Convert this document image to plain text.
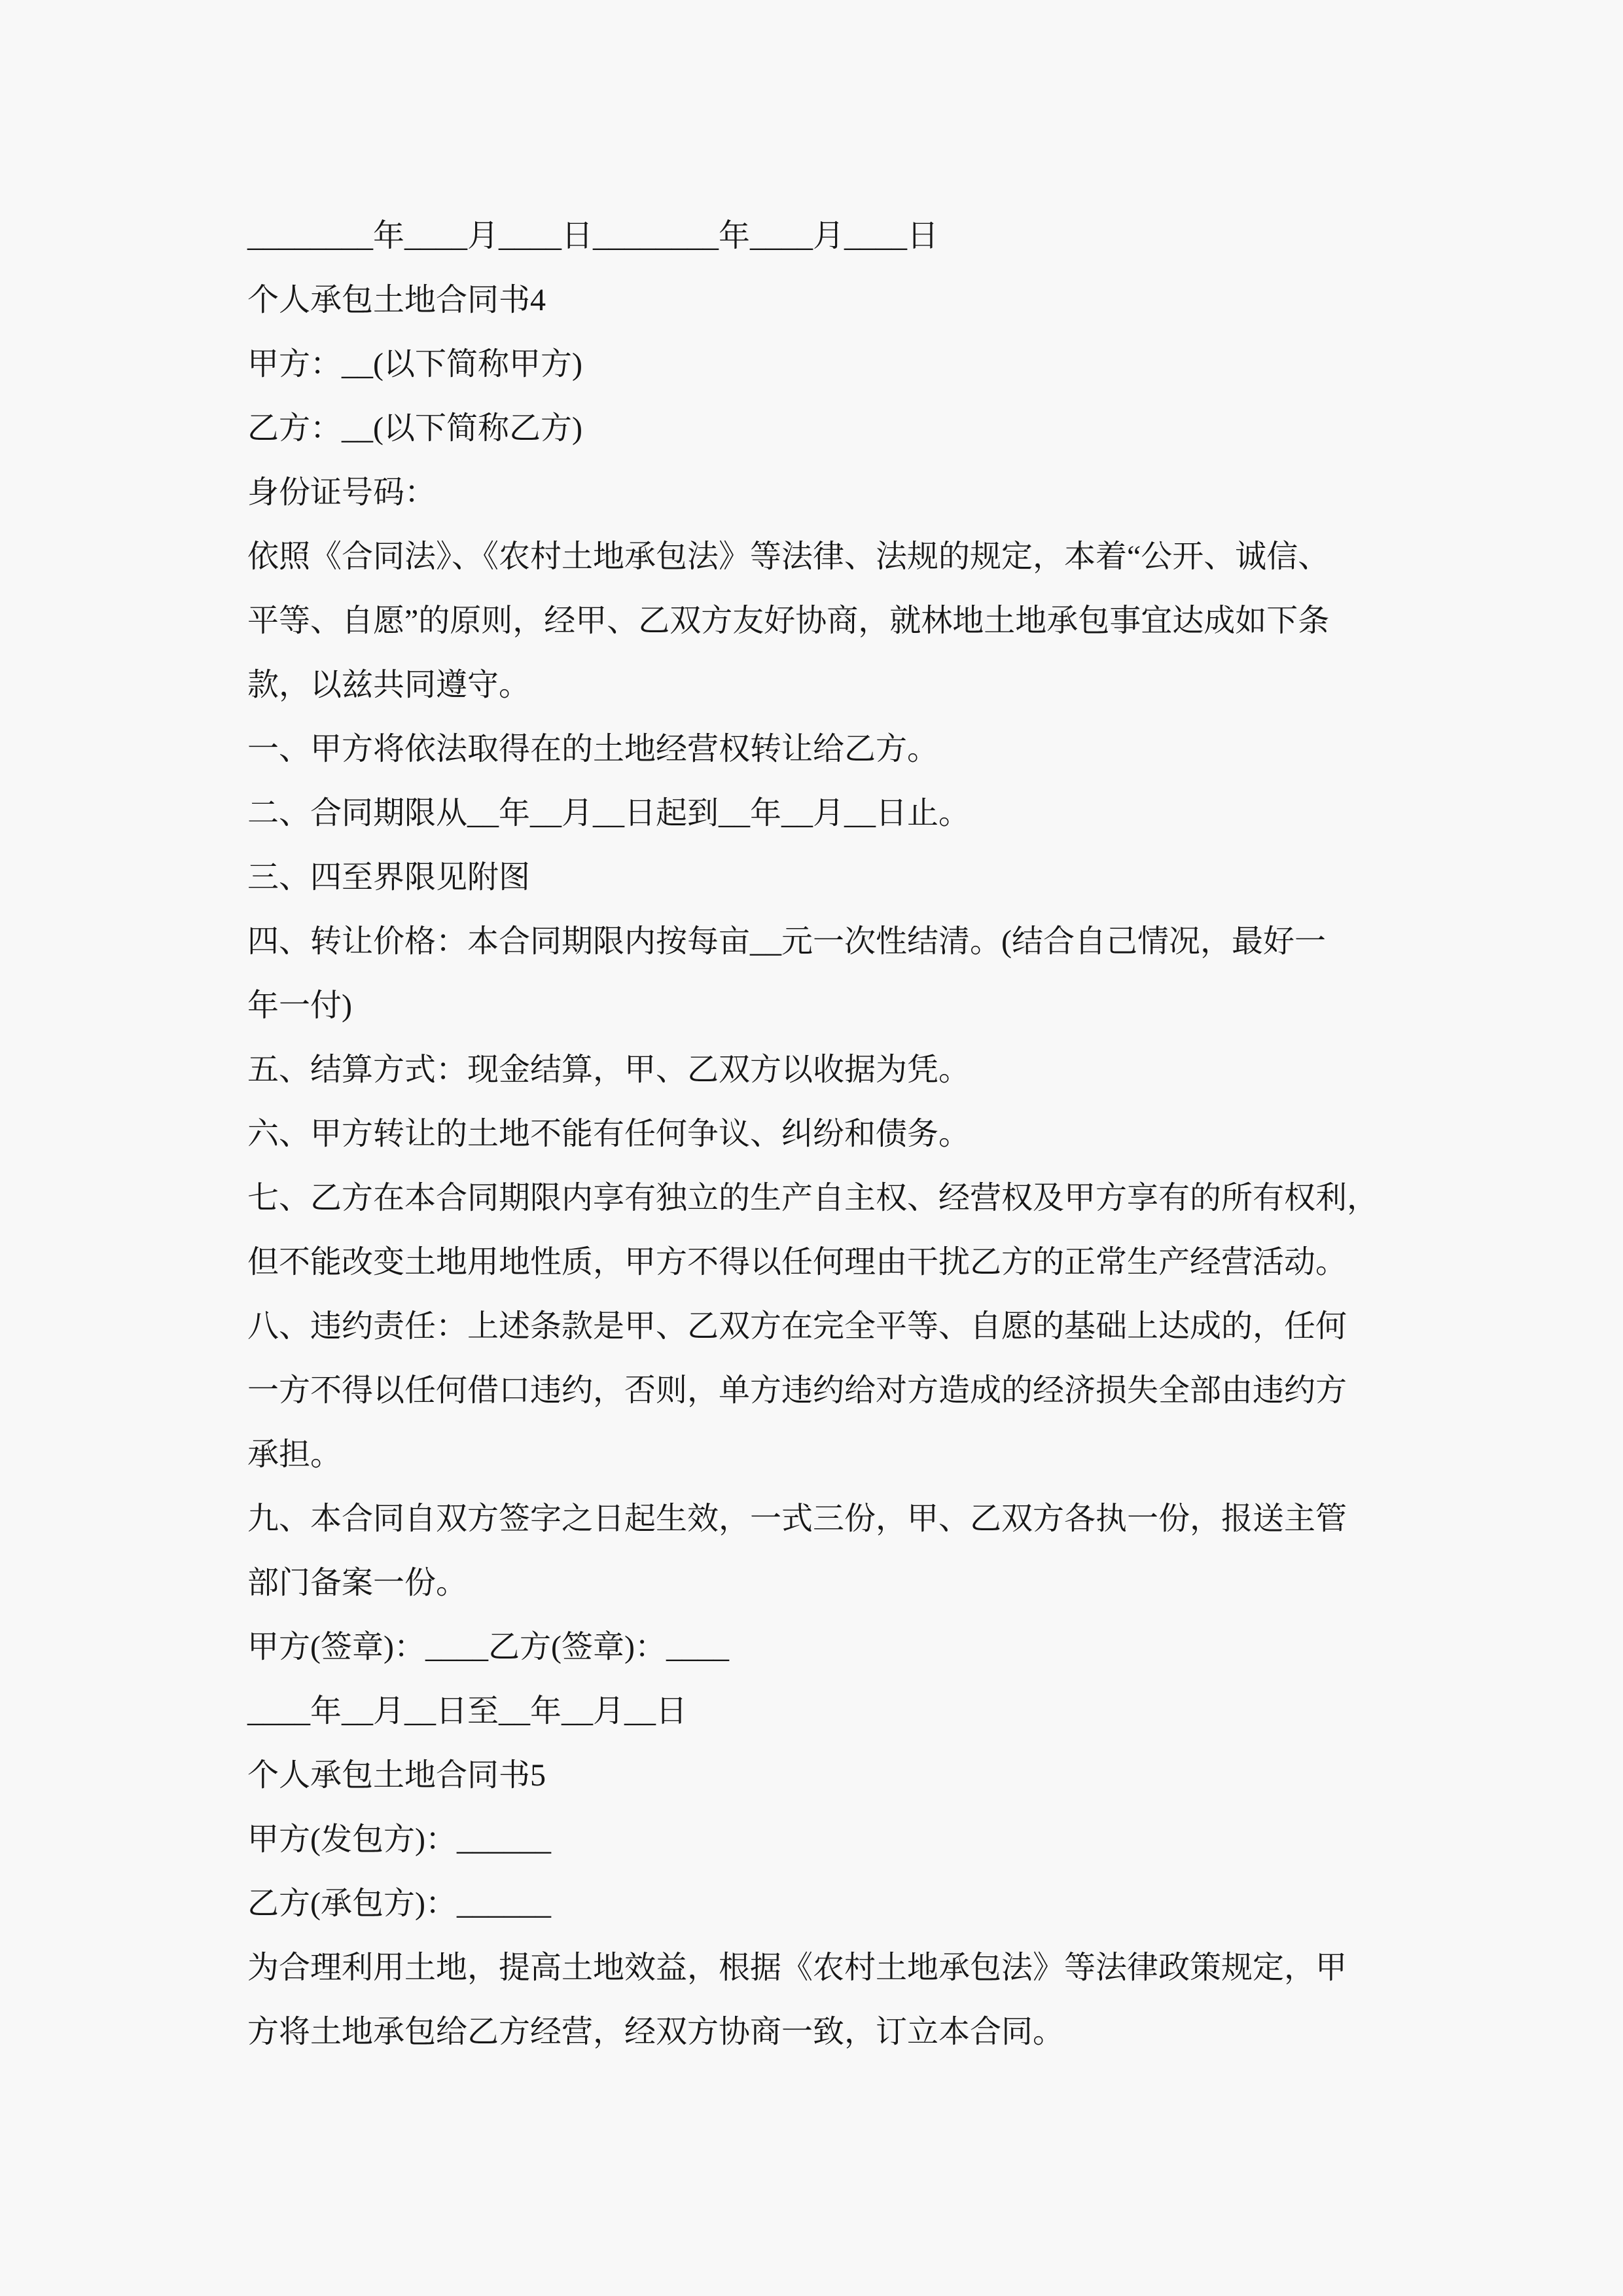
________年____月____日________年____月____日
个人承包土地合同书4
甲方：__(以下简称甲方)
乙方：__(以下简称乙方)
身份证号码：
依照《合同法》、《农村土地承包法》等法律、法规的规定，本着“公开、诚信、
平等、自愿”的原则，经甲、乙双方友好协商，就林地土地承包事宜达成如下条
款，以兹共同遵守。
一、甲方将依法取得在的土地经营权转让给乙方。
二、合同期限从__年__月__日起到__年__月__日止。
三、四至界限见附图
四、转让价格：本合同期限内按每亩__元一次性结清。(结合自己情况，最好一
年一付)
五、结算方式：现金结算，甲、乙双方以收据为凭。
六、甲方转让的土地不能有任何争议、纠纷和债务。
七、乙方在本合同期限内享有独立的生产自主权、经营权及甲方享有的所有权利，
但不能改变土地用地性质，甲方不得以任何理由干扰乙方的正常生产经营活动。
八、违约责任：上述条款是甲、乙双方在完全平等、自愿的基础上达成的，任何
一方不得以任何借口违约，否则，单方违约给对方造成的经济损失全部由违约方
承担。
九、本合同自双方签字之日起生效，一式三份，甲、乙双方各执一份，报送主管
部门备案一份。
甲方(签章)：____乙方(签章)：____
____年__月__日至__年__月__日
个人承包土地合同书5
甲方(发包方)：______
乙方(承包方)：______
为合理利用土地，提高土地效益，根据《农村土地承包法》等法律政策规定，甲
方将土地承包给乙方经营，经双方协商一致，订立本合同。
